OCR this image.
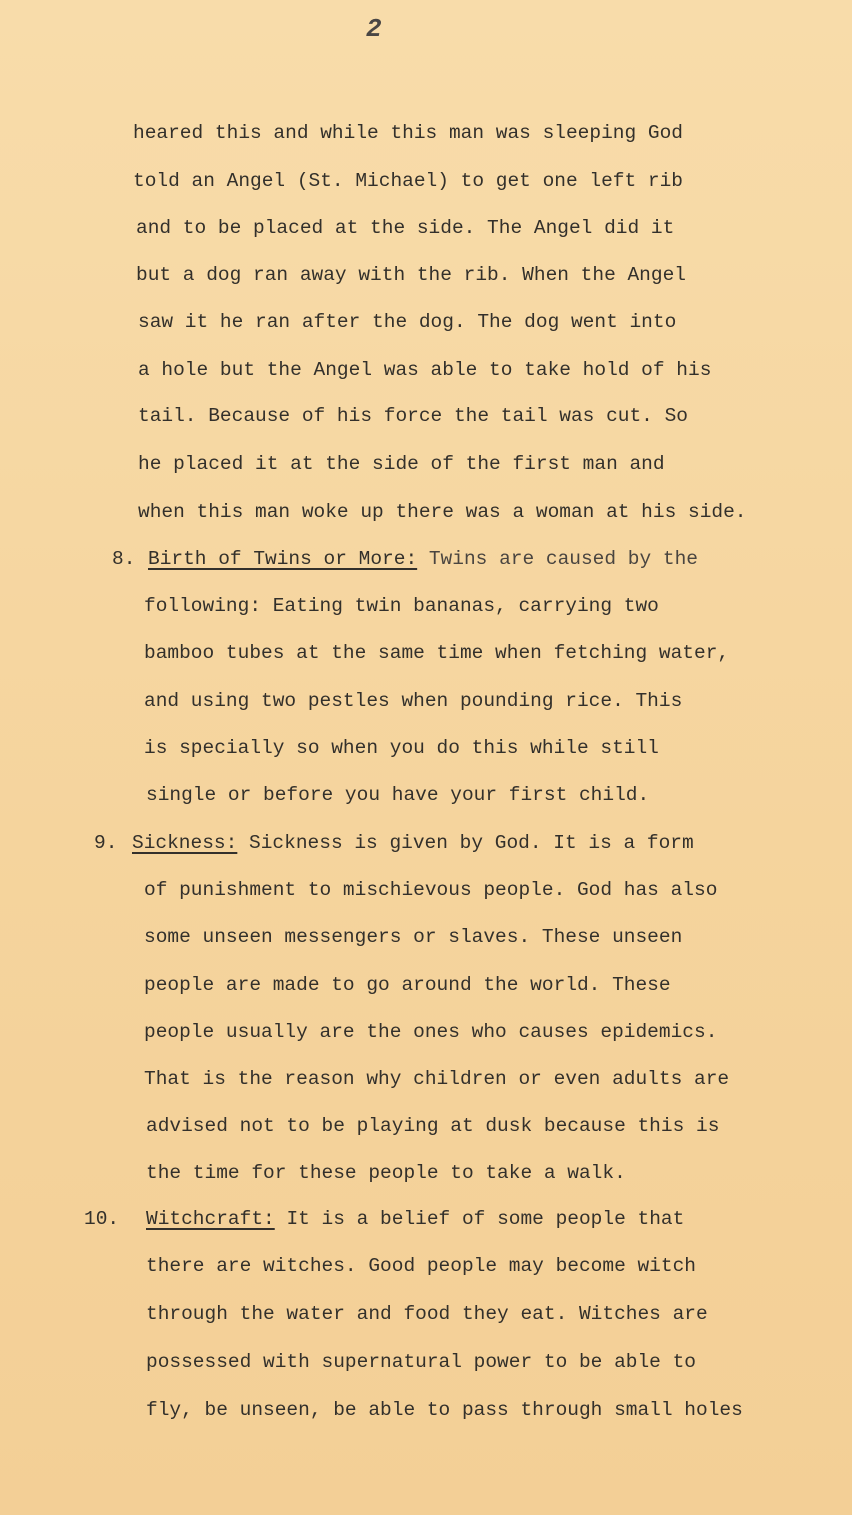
2
heared this and while this man was sleeping God
told an Angel (St. Michael) to get one left rib
and to be placed at the side. The Angel did it
but a dog ran away with the rib. When the Angel
saw it he ran after the dog. The dog went into
a hole but the Angel was able to take hold of his
tail. Because of his force the tail was cut. So
he placed it at the side of the first man and
when this man woke up there was a woman at his side.
8. Birth of Twins or More: Twins are caused by the
following: Eating twin bananas, carrying two
bamboo tubes at the same time when fetching water,
and using two pestles when pounding rice. This
is specially so when you do this while still
single or before you have your first child.
9. Sickness: Sickness is given by God. It is a form
of punishment to mischievous people. God has also
some unseen messengers or slaves. These unseen
people are made to go around the world. These
people usually are the ones who causes epidemics.
That is the reason why children or even adults are
advised not to be playing at dusk because this is
the time for these people to take a walk.
10. Witchcraft: It is a belief of some people that
there are witches. Good people may become witch
through the water and food they eat. Witches are
possessed with supernatural power to be able to
fly, be unseen, be able to pass through small holes
